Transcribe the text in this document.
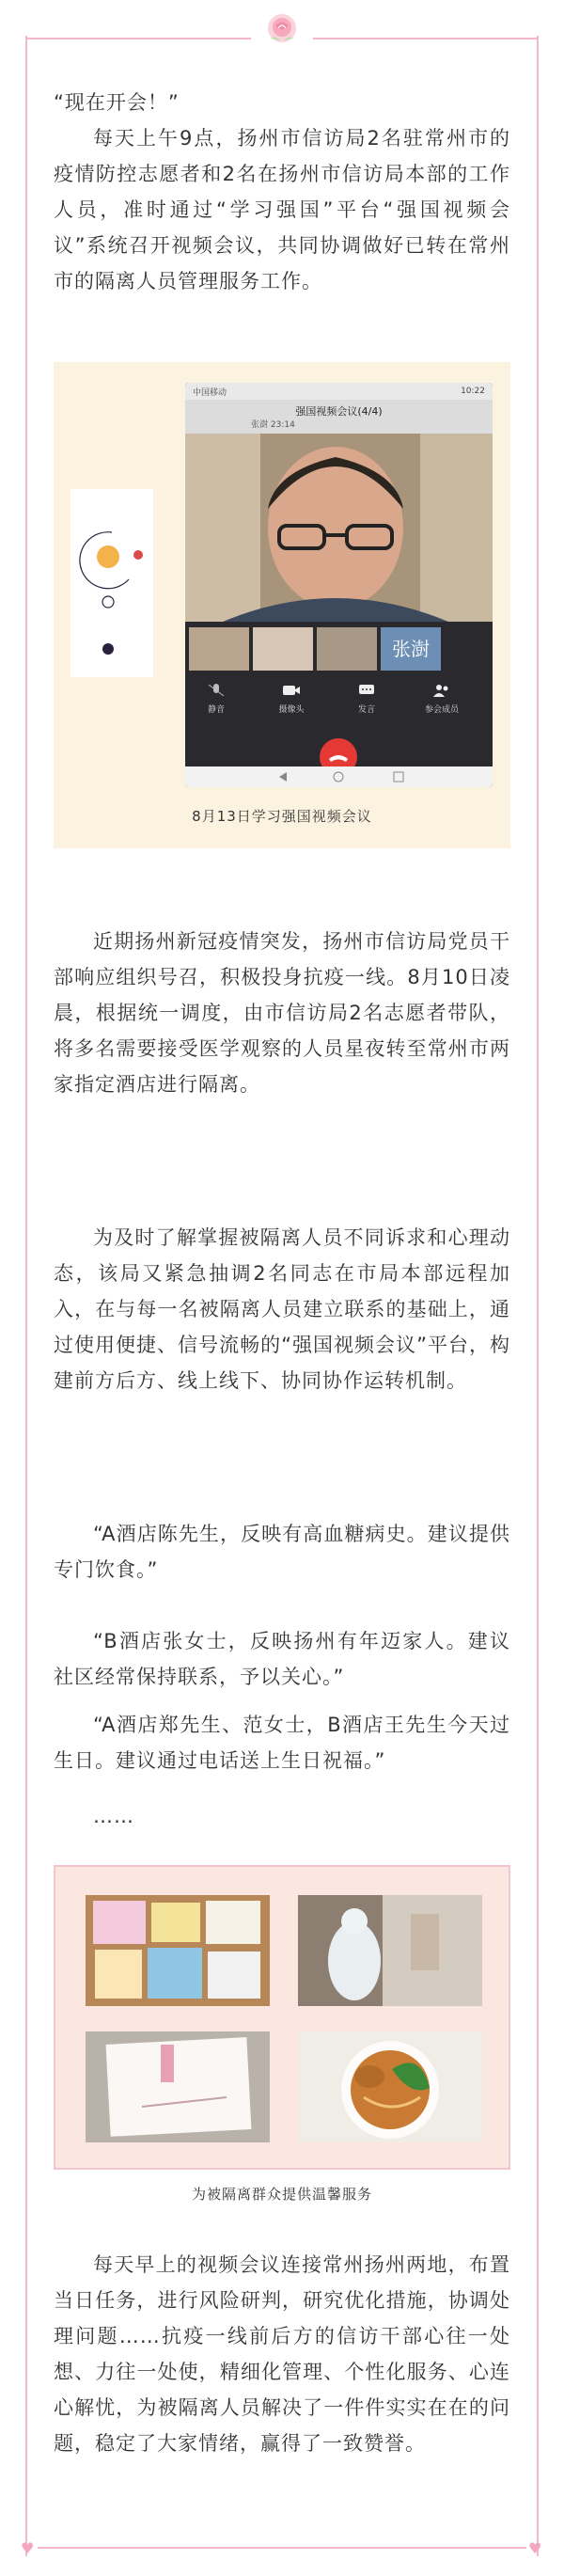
“现在开会！”

每天上午9点，扬州市信访局2名驻常州市的疫情防控志愿者和2名在扬州市信访局本部的工作人员，准时通过“学习强国”平台“强国视频会议”系统召开视频会议，共同协调做好已转在常州市的隔离人员管理服务工作。

中国移动	10:22
强国视频会议(4/4)
张澍 23:14
张澍
静音	摄像头	发言	参会成员

8月13日学习强国视频会议

近期扬州新冠疫情突发，扬州市信访局党员干部响应组织号召，积极投身抗疫一线。8月10日凌晨，根据统一调度，由市信访局2名志愿者带队，将多名需要接受医学观察的人员星夜转至常州市两家指定酒店进行隔离。

为及时了解掌握被隔离人员不同诉求和心理动态，该局又紧急抽调2名同志在市局本部远程加入，在与每一名被隔离人员建立联系的基础上，通过使用便捷、信号流畅的“强国视频会议”平台，构建前方后方、线上线下、协同协作运转机制。

“A酒店陈先生，反映有高血糖病史。建议提供专门饮食。”

“B酒店张女士，反映扬州有年迈家人。建议社区经常保持联系，予以关心。”

“A酒店郑先生、范女士，B酒店王先生今天过生日。建议通过电话送上生日祝福。”

……

为被隔离群众提供温馨服务

每天早上的视频会议连接常州扬州两地，布置当日任务，进行风险研判，研究优化措施，协调处理问题……抗疫一线前后方的信访干部心往一处想、力往一处使，精细化管理、个性化服务、心连心解忧，为被隔离人员解决了一件件实实在在的问题，稳定了大家情绪，赢得了一致赞誉。

♥	♥
